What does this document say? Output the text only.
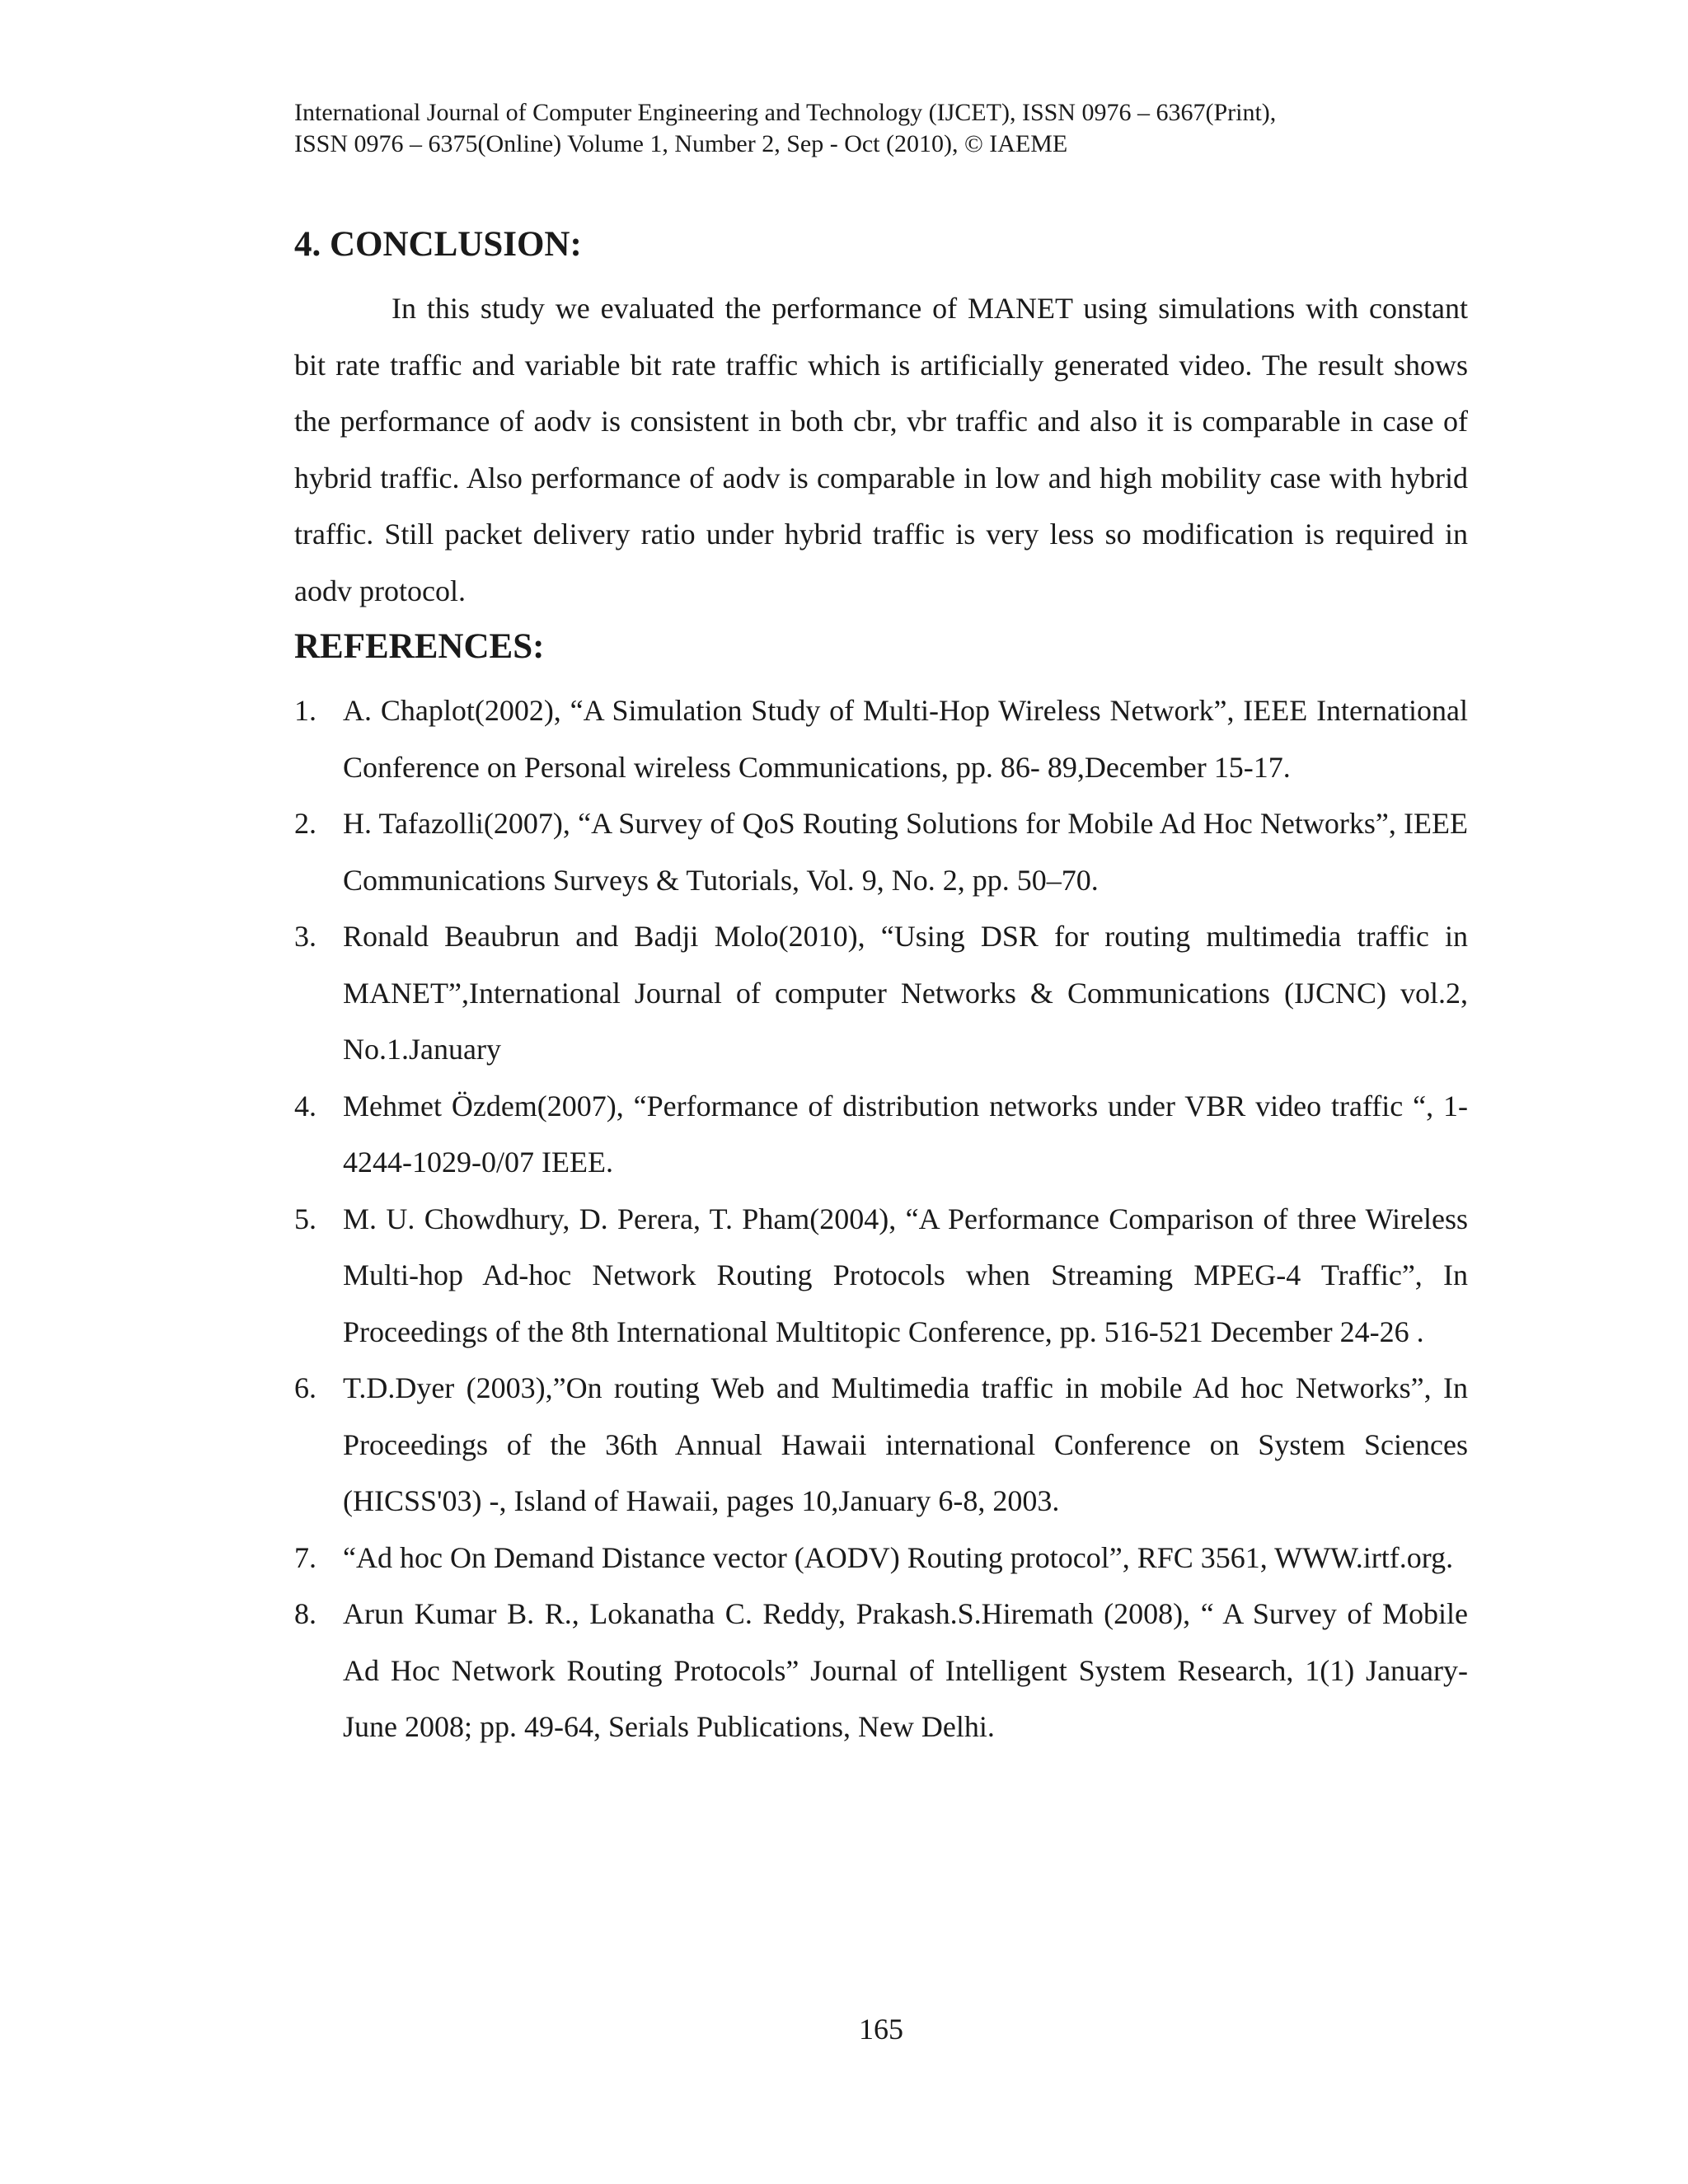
International Journal of Computer Engineering and Technology (IJCET), ISSN 0976 – 6367(Print),
ISSN 0976 – 6375(Online) Volume 1, Number 2, Sep - Oct (2010), © IAEME
4. CONCLUSION:

In this study we evaluated the performance of MANET using simulations with constant bit rate traffic and variable bit rate traffic which is artificially generated video. The result shows the performance of aodv is consistent in both cbr, vbr traffic and also it is comparable in case of hybrid traffic. Also performance of aodv is comparable in low and high mobility case with hybrid traffic. Still packet delivery ratio under hybrid traffic is very less so modification is required in aodv protocol.

REFERENCES:
1. A. Chaplot(2002), “A Simulation Study of Multi-Hop Wireless Network”, IEEE International Conference on Personal wireless Communications, pp. 86- 89,December 15-17.
2. H. Tafazolli(2007), “A Survey of QoS Routing Solutions for Mobile Ad Hoc Networks”, IEEE Communications Surveys & Tutorials, Vol. 9, No. 2, pp. 50–70.
3. Ronald Beaubrun and Badji Molo(2010), “Using DSR for routing multimedia traffic in MANET”,International Journal of computer Networks & Communications (IJCNC) vol.2, No.1.January
4. Mehmet Özdem(2007), “Performance of distribution networks under VBR video traffic “, 1-4244-1029-0/07 IEEE.
5. M. U. Chowdhury, D. Perera, T. Pham(2004), “A Performance Comparison of three Wireless Multi-hop Ad-hoc Network Routing Protocols when Streaming MPEG-4 Traffic”, In Proceedings of the 8th International Multitopic Conference, pp. 516-521 December 24-26 .
6. T.D.Dyer (2003),”On routing Web and Multimedia traffic in mobile Ad hoc Networks”, In Proceedings of the 36th Annual Hawaii international Conference on System Sciences (HICSS'03) -, Island of Hawaii, pages 10,January 6-8, 2003.
7. “Ad hoc On Demand Distance vector (AODV) Routing protocol”, RFC 3561, WWW.irtf.org.
8. Arun Kumar B. R., Lokanatha C. Reddy, Prakash.S.Hiremath (2008), “ A Survey of Mobile Ad Hoc Network Routing Protocols” Journal of Intelligent System Research, 1(1) January-June 2008; pp. 49-64, Serials Publications, New Delhi.
165
